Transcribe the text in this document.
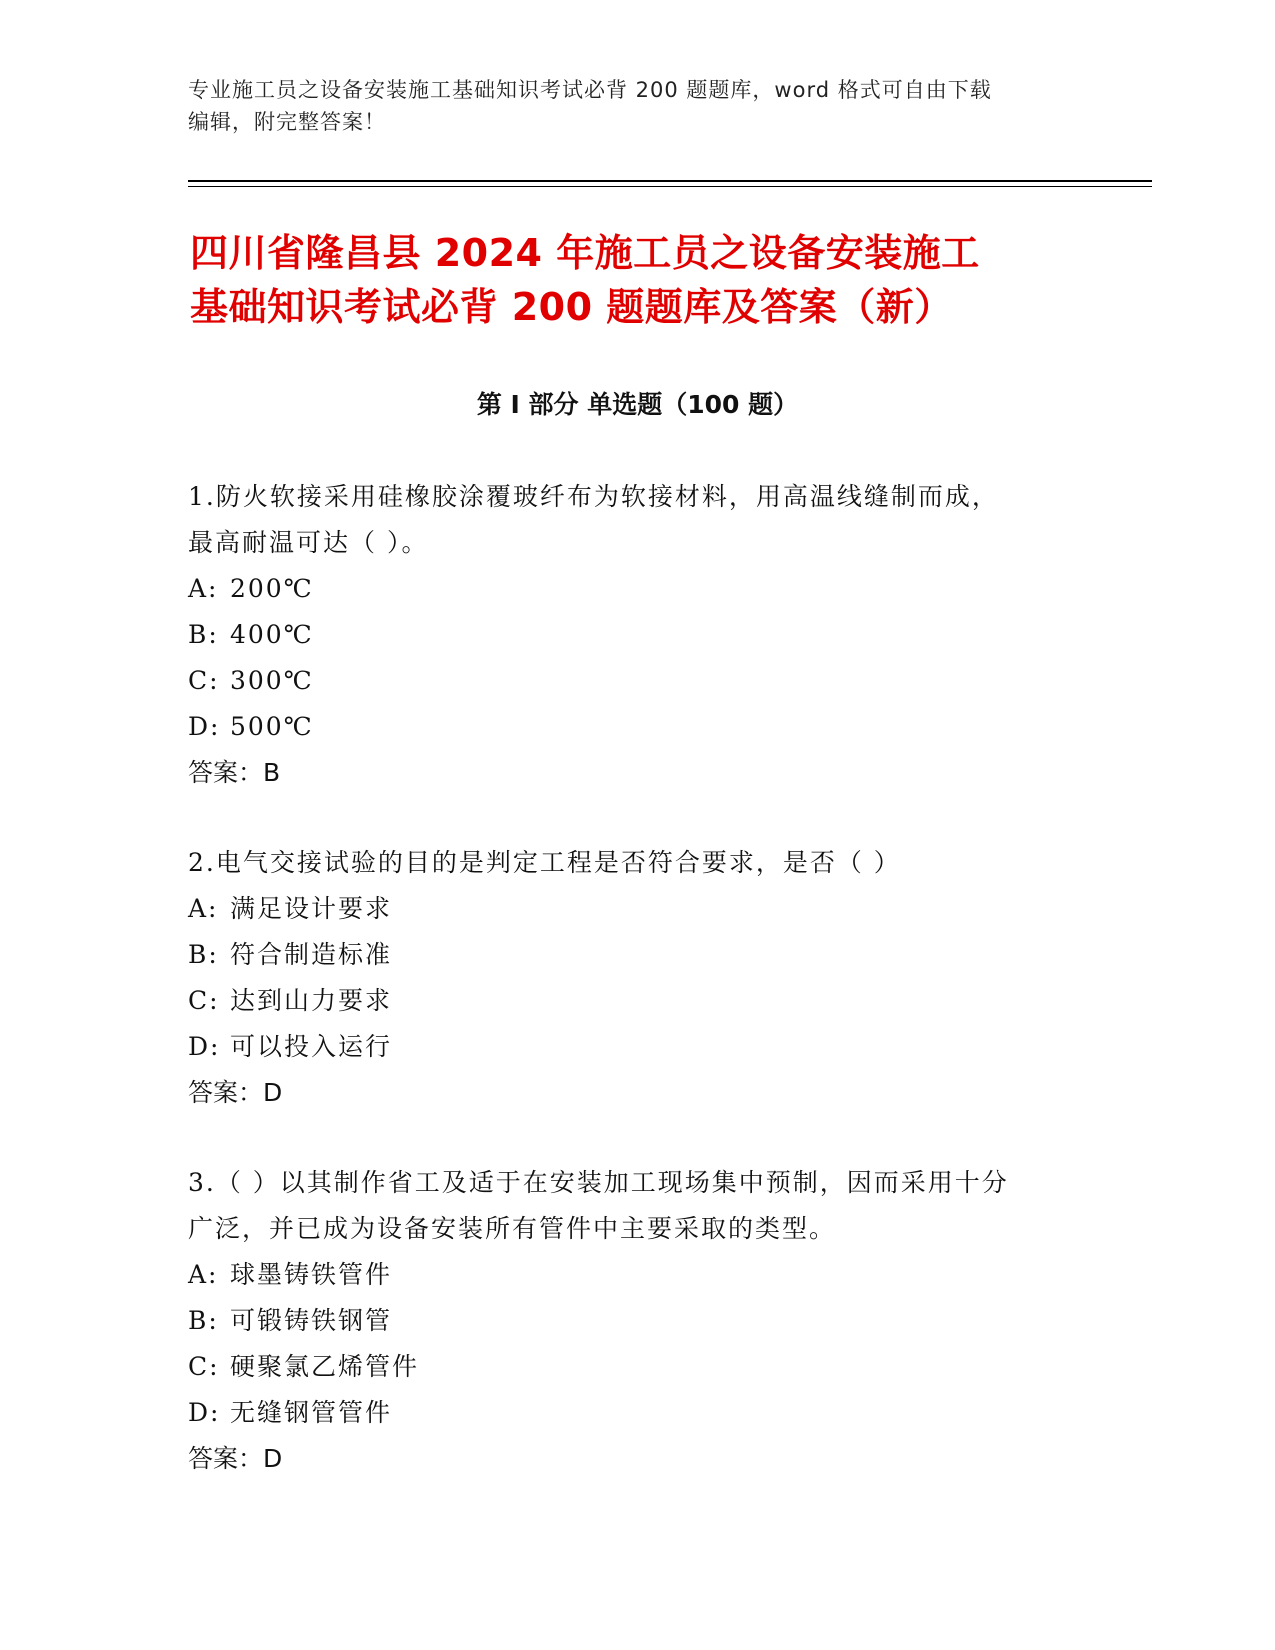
专业施工员之设备安装施工基础知识考试必背 200 题题库，word 格式可自由下载
编辑，附完整答案！
四川省隆昌县 2024 年施工员之设备安装施工
基础知识考试必背 200 题题库及答案（新）
第 I 部分 单选题（100 题）
1.防火软接采用硅橡胶涂覆玻纤布为软接材料，用高温线缝制而成，
最高耐温可达（ ）。
A: 200℃
B: 400℃
C: 300℃
D: 500℃
答案：B
2.电气交接试验的目的是判定工程是否符合要求，是否（ ）
A: 满足设计要求
B: 符合制造标准
C: 达到山力要求
D: 可以投入运行
答案：D
3.（ ）以其制作省工及适于在安装加工现场集中预制，因而采用十分
广泛，并已成为设备安装所有管件中主要采取的类型。
A: 球墨铸铁管件
B: 可锻铸铁钢管
C: 硬聚氯乙烯管件
D: 无缝钢管管件
答案：D
